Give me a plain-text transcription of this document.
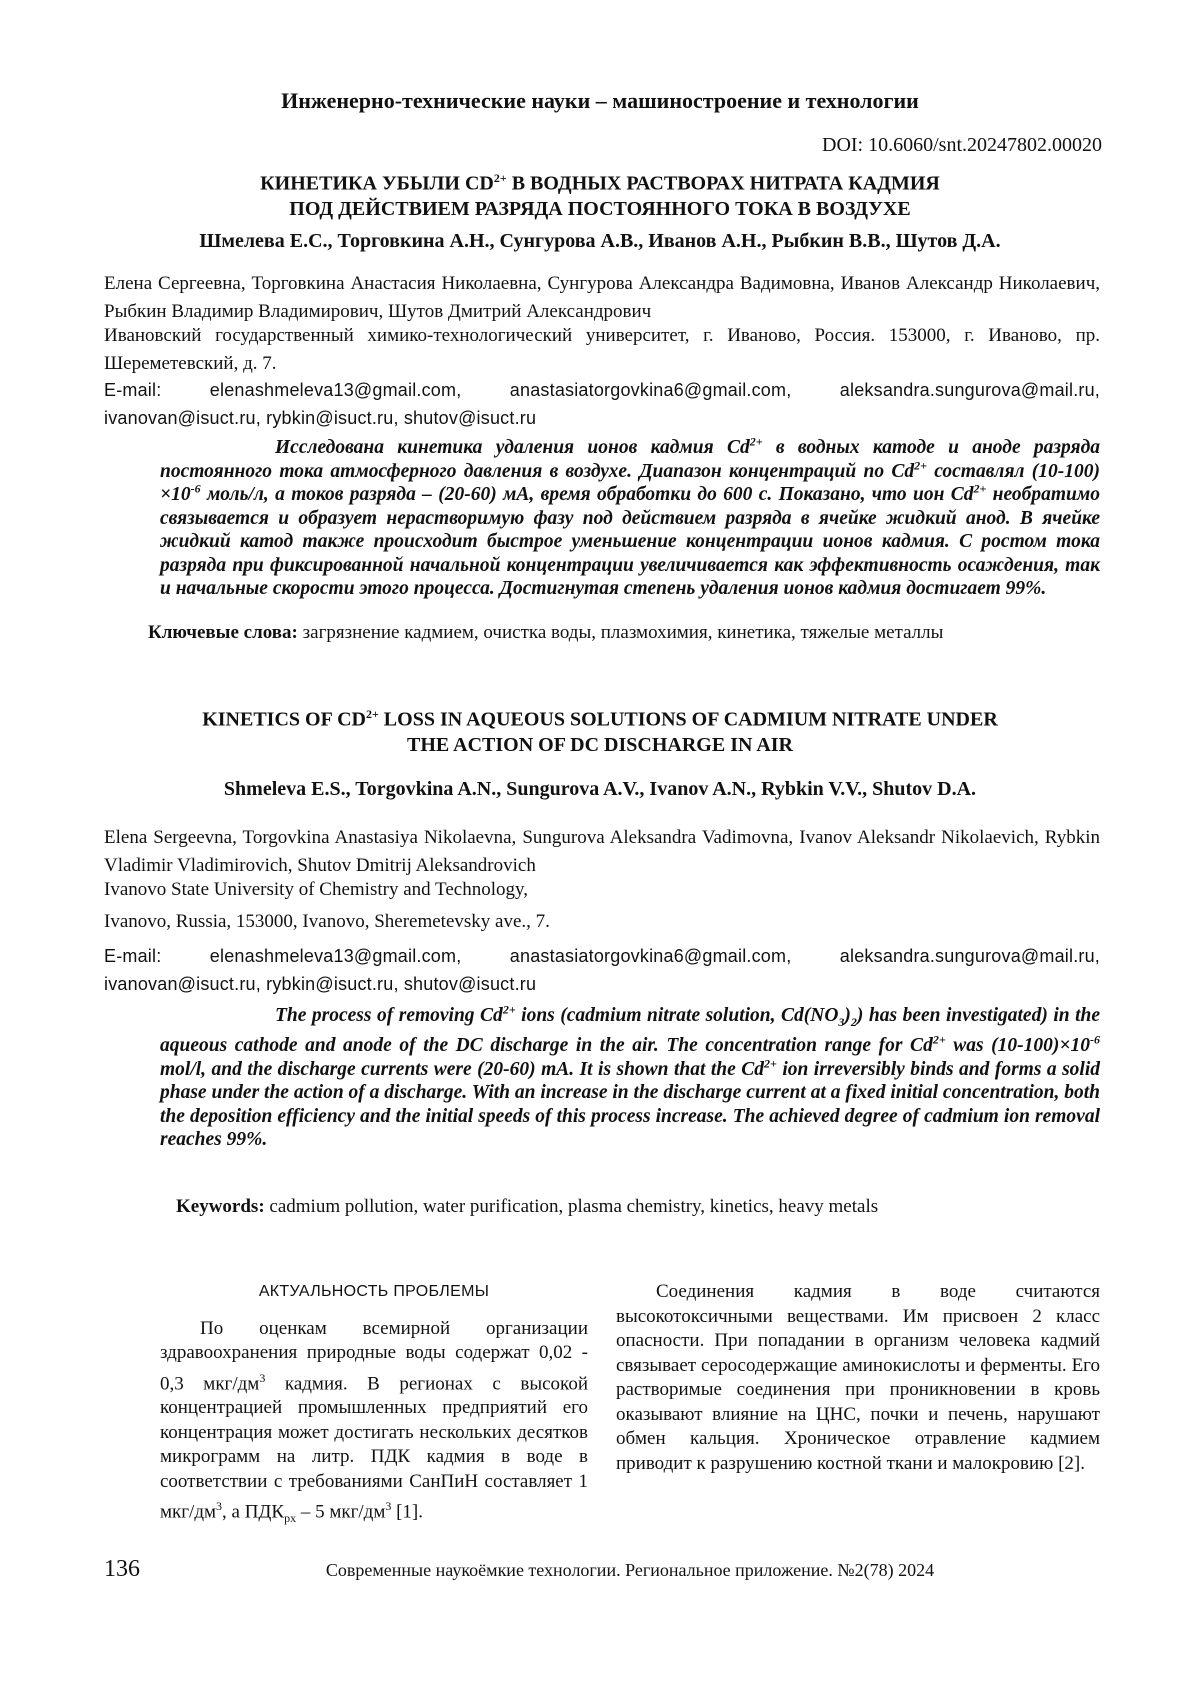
Инженерно-технические науки – машиностроение и технологии
DOI: 10.6060/snt.20247802.00020
КИНЕТИКА УБЫЛИ $CD^{2+}$ В ВОДНЫХ РАСТВОРАХ НИТРАТА КАДМИЯ
ПОД ДЕЙСТВИЕМ РАЗРЯДА ПОСТОЯННОГО ТОКА В ВОЗДУХЕ
Шмелева Е.С., Торговкина А.Н., Сунгурова А.В., Иванов А.Н., Рыбкин В.В., Шутов Д.А.
Елена Сергеевна, Торговкина Анастасия Николаевна, Сунгурова Александра Вадимовна, Иванов Александр Николаевич, Рыбкин Владимир Владимирович, Шутов Дмитрий Александрович
Ивановский государственный химико-технологический университет, г. Иваново, Россия. 153000, г. Иваново, пр. Шереметевский, д. 7.
E-mail: elenashmeleva13@gmail.com, anastasiatorgovkina6@gmail.com, aleksandra.sungurova@mail.ru,
ivanovan@isuct.ru, rybkin@isuct.ru, shutov@isuct.ru
Исследована кинетика удаления ионов кадмия $Cd^{2+}$ в водных катоде и аноде разряда постоянного тока атмосферного давления в воздухе. Диапазон концентраций по $Cd^{2+}$ составлял $(10-100) \times 10^{-6}$ моль/л, а токов разряда – (20-60) мА, время обработки до 600 с. Показано, что ион $Cd^{2+}$ необратимо связывается и образует нерастворимую фазу под действием разряда в ячейке жидкий анод. В ячейке жидкий катод также происходит быстрое уменьшение концентрации ионов кадмия. С ростом тока разряда при фиксированной начальной концентрации увеличивается как эффективность осаждения, так и начальные скорости этого процесса. Достигнутая степень удаления ионов кадмия достигает 99%.
Ключевые слова: загрязнение кадмием, очистка воды, плазмохимия, кинетика, тяжелые металлы
KINETICS OF $CD^{2+}$ LOSS IN AQUEOUS SOLUTIONS OF CADMIUM NITRATE UNDER
THE ACTION OF DC DISCHARGE IN AIR
Shmeleva E.S., Torgovkina A.N., Sungurova A.V., Ivanov A.N., Rybkin V.V., Shutov D.A.
Elena Sergeevna, Torgovkina Anastasiya Nikolaevna, Sungurova Aleksandra Vadimovna, Ivanov Aleksandr Nikolaevich, Rybkin Vladimir Vladimirovich, Shutov Dmitrij Aleksandrovich
Ivanovo State University of Chemistry and Technology,
Ivanovo, Russia, 153000, Ivanovo, Sheremetevsky ave., 7.
E-mail: elenashmeleva13@gmail.com, anastasiatorgovkina6@gmail.com, aleksandra.sungurova@mail.ru,
ivanovan@isuct.ru, rybkin@isuct.ru, shutov@isuct.ru
The process of removing $Cd^{2+}$ ions (cadmium nitrate solution, $Cd(NO_3)_2$) has been investigated) in the aqueous cathode and anode of the DC discharge in the air. The concentration range for $Cd^{2+}$ was $(10-100)\times 10^{-6}$ mol/l, and the discharge currents were (20-60) mA. It is shown that the $Cd^{2+}$ ion irreversibly binds and forms a solid phase under the action of a discharge. With an increase in the discharge current at a fixed initial concentration, both the deposition efficiency and the initial speeds of this process increase. The achieved degree of cadmium ion removal reaches 99%.
Keywords: cadmium pollution, water purification, plasma chemistry, kinetics, heavy metals
АКТУАЛЬНОСТЬ ПРОБЛЕМЫ

По оценкам всемирной организации здравоохранения природные воды содержат 0,02 - 0,3 мкг/$дм^3$ кадмия. В регионах с высокой концентрацией промышленных предприятий его концентрация может достигать нескольких десятков микрограмм на литр. ПДК кадмия в воде в соответствии с требованиями СанПиН составляет 1 мкг/$дм^3$, а $ПДК_{рх} - 5$ мкг/$дм^3$ [1].

Соединения кадмия в воде считаются высокотоксичными веществами. Им присвоен 2 класс опасности. При попадании в организм человека кадмий связывает серосодержащие аминокислоты и ферменты. Его растворимые соединения при проникновении в кровь оказывают влияние на ЦНС, почки и печень, нарушают обмен кальция. Хроническое отравление кадмием приводит к разрушению костной ткани и малокровию [2].

136	Современные наукоёмкие технологии. Региональное приложение. №2(78) 2024
